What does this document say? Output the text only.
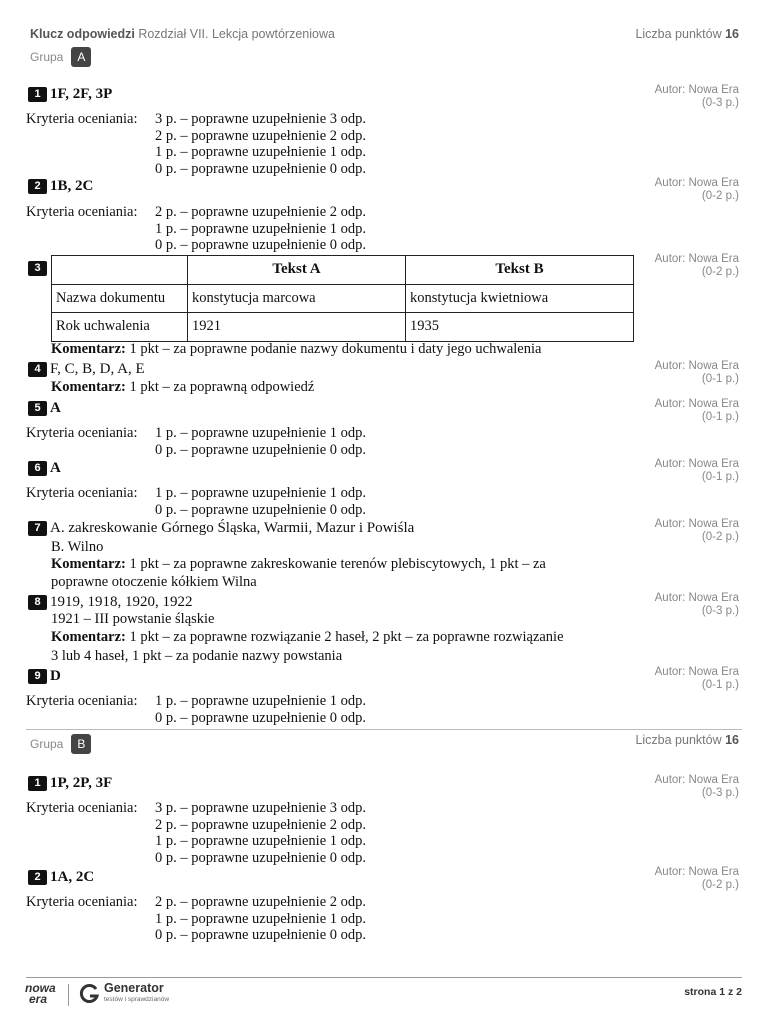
Klucz odpowiedzi Rozdział VII. Lekcja powtórzeniowa	Liczba punktów 16
Grupa	A
1 1F, 2F, 3P	Autor: Nowa Era
(0-3 p.)
Kryteria oceniania: 3 p. – poprawne uzupełnienie 3 odp.
2 p. – poprawne uzupełnienie 2 odp.
1 p. – poprawne uzupełnienie 1 odp.
0 p. – poprawne uzupełnienie 0 odp.
2 1B, 2C	Autor: Nowa Era
(0-2 p.)
Kryteria oceniania: 2 p. – poprawne uzupełnienie 2 odp.
1 p. – poprawne uzupełnienie 1 odp.
0 p. – poprawne uzupełnienie 0 odp.
3
Autor: Nowa Era
(0-2 p.)
	Tekst A	Tekst B
Nazwa dokumentu	konstytucja marcowa	konstytucja kwietniowa
Rok uchwalenia	1921	1935
Komentarz: 1 pkt – za poprawne podanie nazwy dokumentu i daty jego uchwalenia
4 F, C, B, D, A, E	Autor: Nowa Era
(0-1 p.)
Komentarz: 1 pkt – za poprawną odpowiedź
5 A	Autor: Nowa Era
(0-1 p.)
Kryteria oceniania: 1 p. – poprawne uzupełnienie 1 odp.
0 p. – poprawne uzupełnienie 0 odp.
6 A	Autor: Nowa Era
(0-1 p.)
Kryteria oceniania: 1 p. – poprawne uzupełnienie 1 odp.
0 p. – poprawne uzupełnienie 0 odp.
7 A. zakreskowanie Górnego Śląska, Warmii, Mazur i Powiśla	Autor: Nowa Era
(0-2 p.)
B. Wilno
Komentarz: 1 pkt – za poprawne zakreskowanie terenów plebiscytowych, 1 pkt – za
poprawne otoczenie kółkiem Wilna
8 1919, 1918, 1920, 1922	Autor: Nowa Era
(0-3 p.)
1921 – III powstanie śląskie
Komentarz: 1 pkt – za poprawne rozwiązanie 2 haseł, 2 pkt – za poprawne rozwiązanie
3 lub 4 haseł, 1 pkt – za podanie nazwy powstania
9 D	Autor: Nowa Era
(0-1 p.)
Kryteria oceniania: 1 p. – poprawne uzupełnienie 1 odp.
0 p. – poprawne uzupełnienie 0 odp.
Grupa	B	Liczba punktów 16
1 1P, 2P, 3F	Autor: Nowa Era
(0-3 p.)
Kryteria oceniania: 3 p. – poprawne uzupełnienie 3 odp.
2 p. – poprawne uzupełnienie 2 odp.
1 p. – poprawne uzupełnienie 1 odp.
0 p. – poprawne uzupełnienie 0 odp.
2 1A, 2C	Autor: Nowa Era
(0-2 p.)
Kryteria oceniania: 2 p. – poprawne uzupełnienie 2 odp.
1 p. – poprawne uzupełnienie 1 odp.
0 p. – poprawne uzupełnienie 0 odp.
nowa
era
Generator
testów i sprawdzianów
strona 1 z 2
